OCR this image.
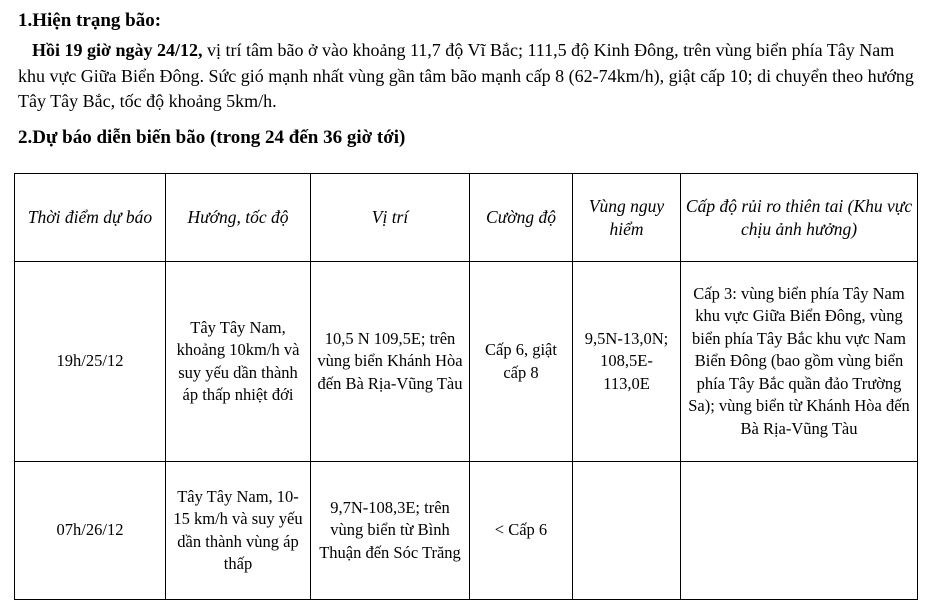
1.Hiện trạng bão:
Hồi 19 giờ ngày 24/12, vị trí tâm bão ở vào khoảng 11,7 độ Vĩ Bắc; 111,5 độ Kinh Đông, trên vùng biển phía Tây Nam khu vực Giữa Biển Đông. Sức gió mạnh nhất vùng gần tâm bão mạnh cấp 8 (62-74km/h), giật cấp 10; di chuyển theo hướng Tây Tây Bắc, tốc độ khoảng 5km/h.
2.Dự báo diễn biến bão (trong 24 đến 36 giờ tới)
Thời điểm dự báo	Hướng, tốc độ	Vị trí	Cường độ	Vùng nguy hiểm	Cấp độ rủi ro thiên tai (Khu vực chịu ảnh hưởng)
19h/25/12	Tây Tây Nam, khoảng 10km/h và suy yếu dần thành áp thấp nhiệt đới	10,5 N 109,5E; trên vùng biển Khánh Hòa đến Bà Rịa-Vũng Tàu	Cấp 6, giật cấp 8	9,5N-13,0N; 108,5E-113,0E	Cấp 3: vùng biển phía Tây Nam khu vực Giữa Biển Đông, vùng biển phía Tây Bắc khu vực Nam Biển Đông (bao gồm vùng biển phía Tây Bắc quần đảo Trường Sa); vùng biển từ Khánh Hòa đến Bà Rịa-Vũng Tàu
07h/26/12	Tây Tây Nam, 10-15 km/h và suy yếu dần thành vùng áp thấp	9,7N-108,3E; trên vùng biển từ Bình Thuận đến Sóc Trăng	< Cấp 6		
